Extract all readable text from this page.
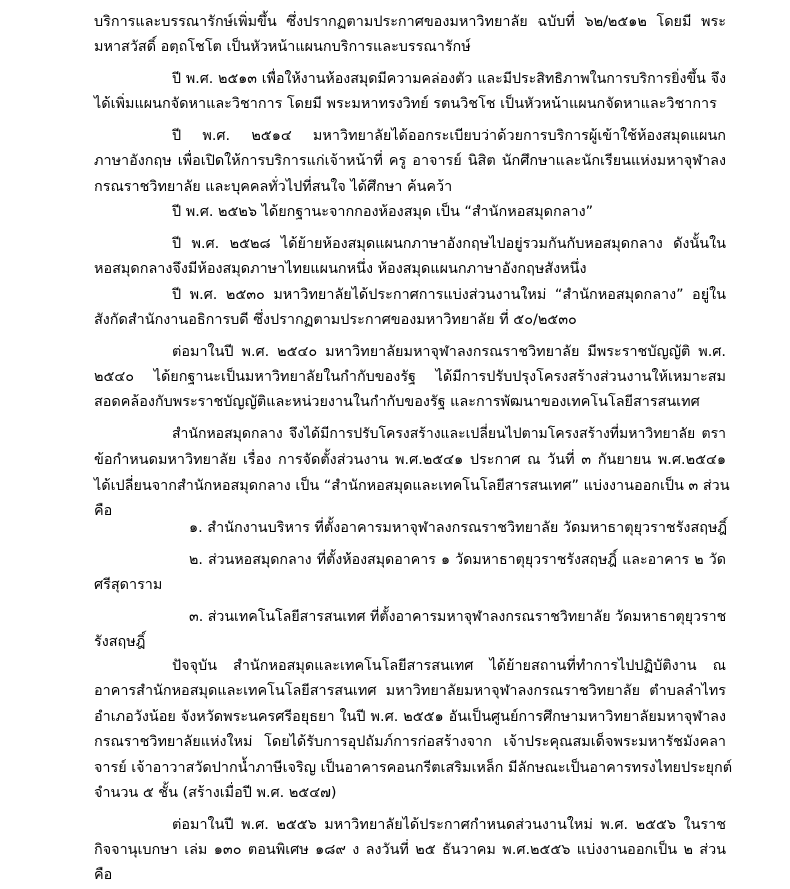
บริการและบรรณารักษ์เพิ่มขึ้น ซึ่งปรากฏตามประกาศของมหาวิทยาลัย ฉบับที่ ๖๒/๒๕๑๒ โดยมี พระ
มหาสวัสดิ์ อตฺถโชโต เป็นหัวหน้าแผนกบริการและบรรณารักษ์
ปี พ.ศ. ๒๕๑๓ เพื่อให้งานห้องสมุดมีความคล่องตัว และมีประสิทธิภาพในการบริการยิ่งขึ้น จึง
ได้เพิ่มแผนกจัดหาและวิชาการ โดยมี พระมหาทรงวิทย์ รตนวิชโช เป็นหัวหน้าแผนกจัดหาและวิชาการ
ปี พ.ศ. ๒๕๑๔ มหาวิทยาลัยได้ออกระเบียบว่าด้วยการบริการผู้เข้าใช้ห้องสมุดแผนก
ภาษาอังกฤษ เพื่อเปิดให้การบริการแก่เจ้าหน้าที่ ครู อาจารย์ นิสิต นักศึกษาและนักเรียนแห่งมหาจุฬาลง
กรณราชวิทยาลัย และบุคคลทั่วไปที่สนใจ ได้ศึกษา ค้นคว้า
ปี พ.ศ. ๒๕๒๖ ได้ยกฐานะจากกองห้องสมุด เป็น “สำนักหอสมุดกลาง”
ปี พ.ศ. ๒๕๒๘ ได้ย้ายห้องสมุดแผนกภาษาอังกฤษไปอยู่รวมกันกับหอสมุดกลาง ดังนั้นใน
หอสมุดกลางจึงมีห้องสมุดภาษาไทยแผนกหนึ่ง ห้องสมุดแผนกภาษาอังกฤษสังหนึ่ง
ปี พ.ศ. ๒๕๓๐ มหาวิทยาลัยได้ประกาศการแบ่งส่วนงานใหม่ “สำนักหอสมุดกลาง” อยู่ใน
สังกัดสำนักงานอธิการบดี ซึ่งปรากฏตามประกาศของมหาวิทยาลัย ที่ ๕๐/๒๕๓๐
ต่อมาในปี พ.ศ. ๒๕๔๐ มหาวิทยาลัยมหาจุฬาลงกรณราชวิทยาลัย มีพระราชบัญญัติ พ.ศ.
๒๕๔๐ ได้ยกฐานะเป็นมหาวิทยาลัยในกำกับของรัฐ ได้มีการปรับปรุงโครงสร้างส่วนงานให้เหมาะสม
สอดคล้องกับพระราชบัญญัติและหน่วยงานในกำกับของรัฐ และการพัฒนาของเทคโนโลยีสารสนเทศ
สำนักหอสมุดกลาง จึงได้มีการปรับโครงสร้างและเปลี่ยนไปตามโครงสร้างที่มหาวิทยาลัย ตรา
ข้อกำหนดมหาวิทยาลัย เรื่อง การจัดตั้งส่วนงาน พ.ศ.๒๕๔๑ ประกาศ ณ วันที่ ๓ กันยายน พ.ศ.๒๕๔๑
ได้เปลี่ยนจากสำนักหอสมุดกลาง เป็น “สำนักหอสมุดและเทคโนโลยีสารสนเทศ” แบ่งงานออกเป็น ๓ ส่วน
คือ
๑. สำนักงานบริหาร ที่ตั้งอาคารมหาจุฬาลงกรณราชวิทยาลัย วัดมหาธาตุยุวราชรังสฤษฎิ์
๒. ส่วนหอสมุดกลาง ที่ตั้งห้องสมุดอาคาร ๑ วัดมหาธาตุยุวราชรังสฤษฎิ์ และอาคาร ๒ วัด
ศรีสุดาราม
๓. ส่วนเทคโนโลยีสารสนเทศ ที่ตั้งอาคารมหาจุฬาลงกรณราชวิทยาลัย วัดมหาธาตุยุวราช
รังสฤษฎิ์
ปัจจุบัน สำนักหอสมุดและเทคโนโลยีสารสนเทศ ได้ย้ายสถานที่ทำการไปปฏิบัติงาน ณ
อาคารสำนักหอสมุดและเทคโนโลยีสารสนเทศ มหาวิทยาลัยมหาจุฬาลงกรณราชวิทยาลัย ตำบลลำไทร
อำเภอวังน้อย จังหวัดพระนครศรีอยุธยา ในปี พ.ศ. ๒๕๕๑ อันเป็นศูนย์การศึกษามหาวิทยาลัยมหาจุฬาลง
กรณราชวิทยาลัยแห่งใหม่ โดยได้รับการอุปถัมภ์การก่อสร้างจาก เจ้าประคุณสมเด็จพระมหารัชมังคลา
จารย์ เจ้าอาวาสวัดปากน้ำภาษีเจริญ เป็นอาคารคอนกรีตเสริมเหล็ก มีลักษณะเป็นอาคารทรงไทยประยุกต์
จำนวน ๕ ชั้น (สร้างเมื่อปี พ.ศ. ๒๕๔๗)
ต่อมาในปี พ.ศ. ๒๕๕๖ มหาวิทยาลัยได้ประกาศกำหนดส่วนงานใหม่ พ.ศ. ๒๕๕๖ ในราช
กิจจานุเบกษา เล่ม ๑๓๐ ตอนพิเศษ ๑๘๙ ง ลงวันที่ ๒๕ ธันวาคม พ.ศ.๒๕๕๖ แบ่งงานออกเป็น ๒ ส่วน
คือ
